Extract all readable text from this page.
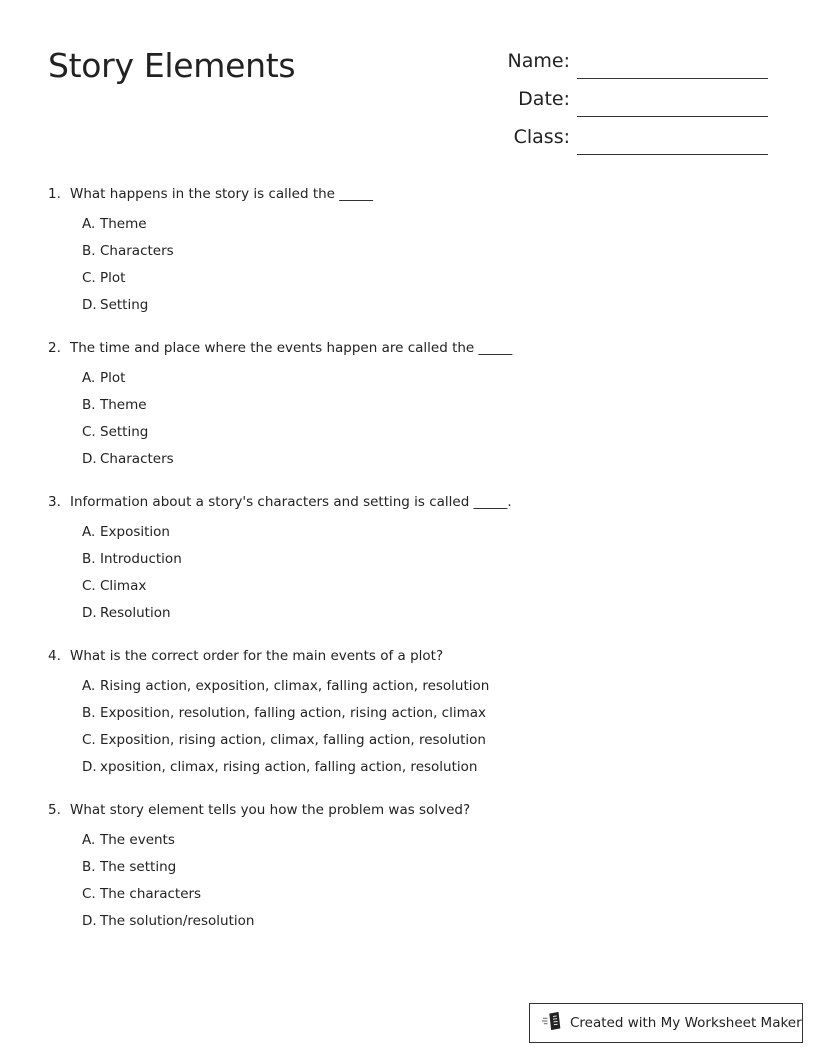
Story Elements	Name:
Date:
Class:
1. What happens in the story is called the _____
A. Theme
B. Characters
C. Plot
D. Setting
2. The time and place where the events happen are called the _____
A. Plot
B. Theme
C. Setting
D. Characters
3. Information about a story's characters and setting is called _____.
A. Exposition
B. Introduction
C. Climax
D. Resolution
4. What is the correct order for the main events of a plot?
A. Rising action, exposition, climax, falling action, resolution
B. Exposition, resolution, falling action, rising action, climax
C. Exposition, rising action, climax, falling action, resolution
D. xposition, climax, rising action, falling action, resolution
5. What story element tells you how the problem was solved?
A. The events
B. The setting
C. The characters
D. The solution/resolution
Created with My Worksheet Maker
